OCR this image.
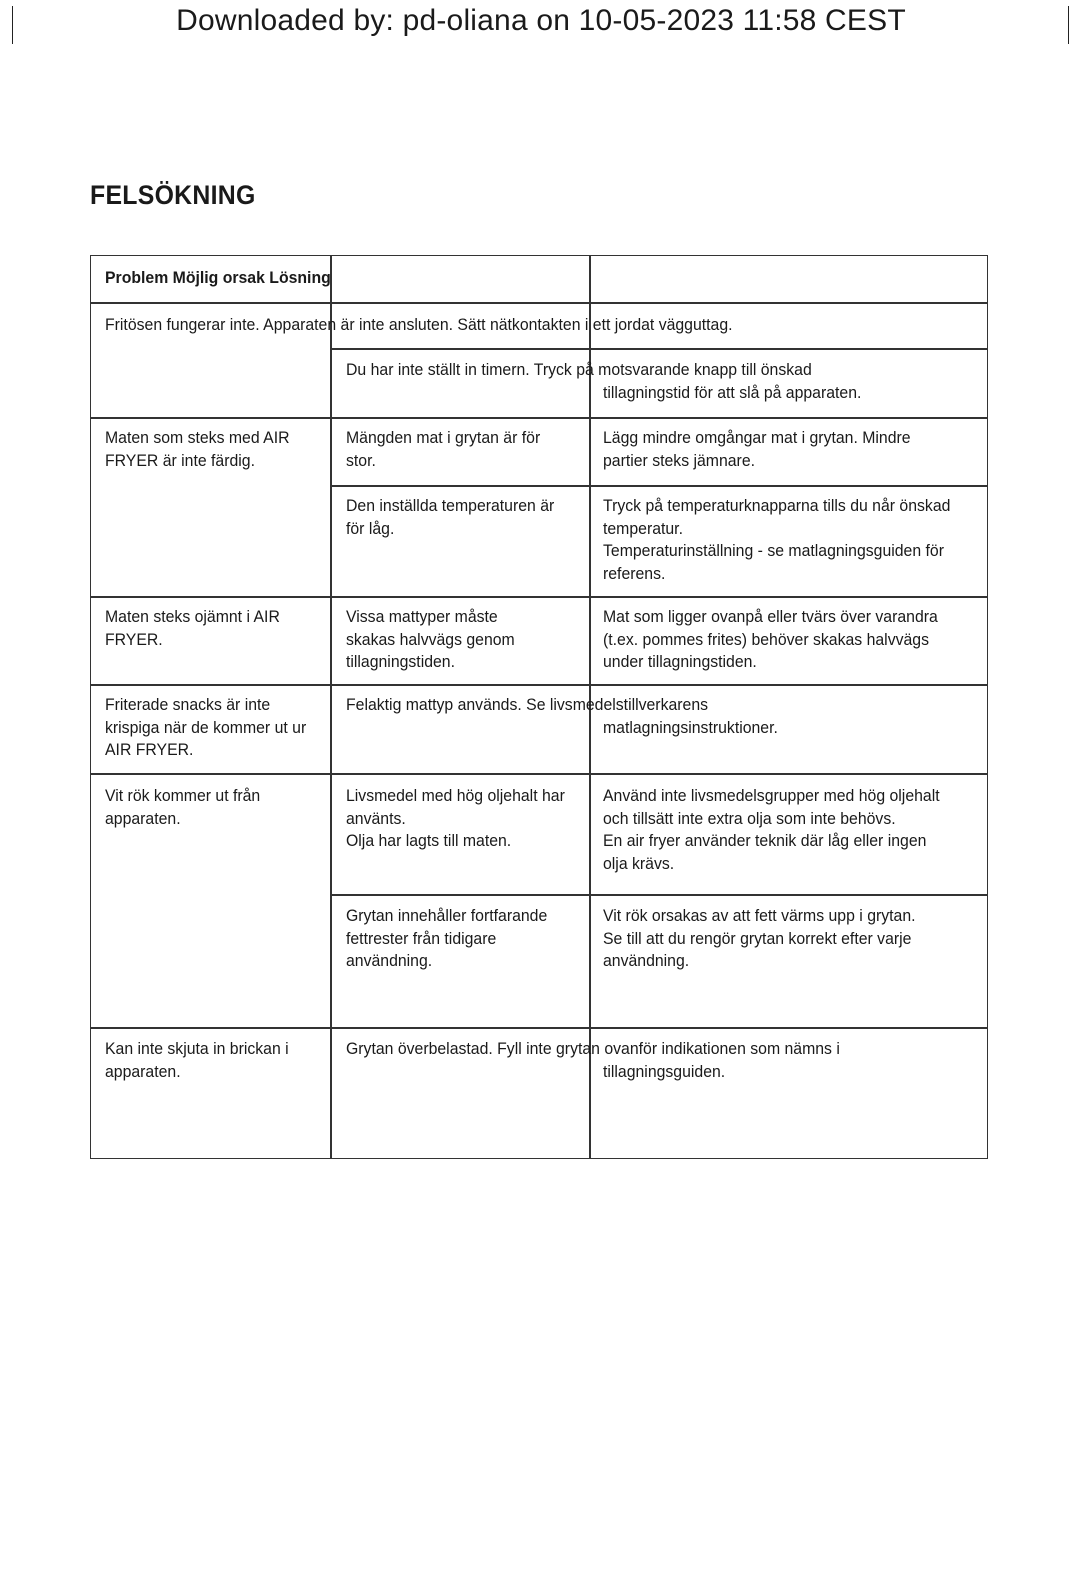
Downloaded by: pd-oliana on 10-05-2023 11:58 CEST
FELSÖKNING
Problem Möjlig orsak Lösning
Fritösen fungerar inte. Apparaten är inte ansluten. Sätt nätkontakten i ett jordat vägguttag.
Du har inte ställt in timern. Tryck på motsvarande knapp till önskad
tillagningstid för att slå på apparaten.
Maten som steks med AIR
FRYER är inte färdig.
Mängden mat i grytan är för
stor.
Lägg mindre omgångar mat i grytan. Mindre
partier steks jämnare.
Den inställda temperaturen är
för låg.
Tryck på temperaturknapparna tills du når önskad
temperatur.
Temperaturinställning - se matlagningsguiden för
referens.
Maten steks ojämnt i AIR
FRYER.
Vissa mattyper måste
skakas halvvägs genom
tillagningstiden.
Mat som ligger ovanpå eller tvärs över varandra
(t.ex. pommes frites) behöver skakas halvvägs
under tillagningstiden.
Friterade snacks är inte
krispiga när de kommer ut ur
AIR FRYER.
Felaktig mattyp används. Se livsmedelstillverkarens
matlagningsinstruktioner.
Vit rök kommer ut från
apparaten.
Livsmedel med hög oljehalt har
använts.
Olja har lagts till maten.
Använd inte livsmedelsgrupper med hög oljehalt
och tillsätt inte extra olja som inte behövs.
En air fryer använder teknik där låg eller ingen
olja krävs.
Grytan innehåller fortfarande
fettrester från tidigare
användning.
Vit rök orsakas av att fett värms upp i grytan.
Se till att du rengör grytan korrekt efter varje
användning.
Kan inte skjuta in brickan i
apparaten.
Grytan överbelastad. Fyll inte grytan ovanför indikationen som nämns i
tillagningsguiden.
